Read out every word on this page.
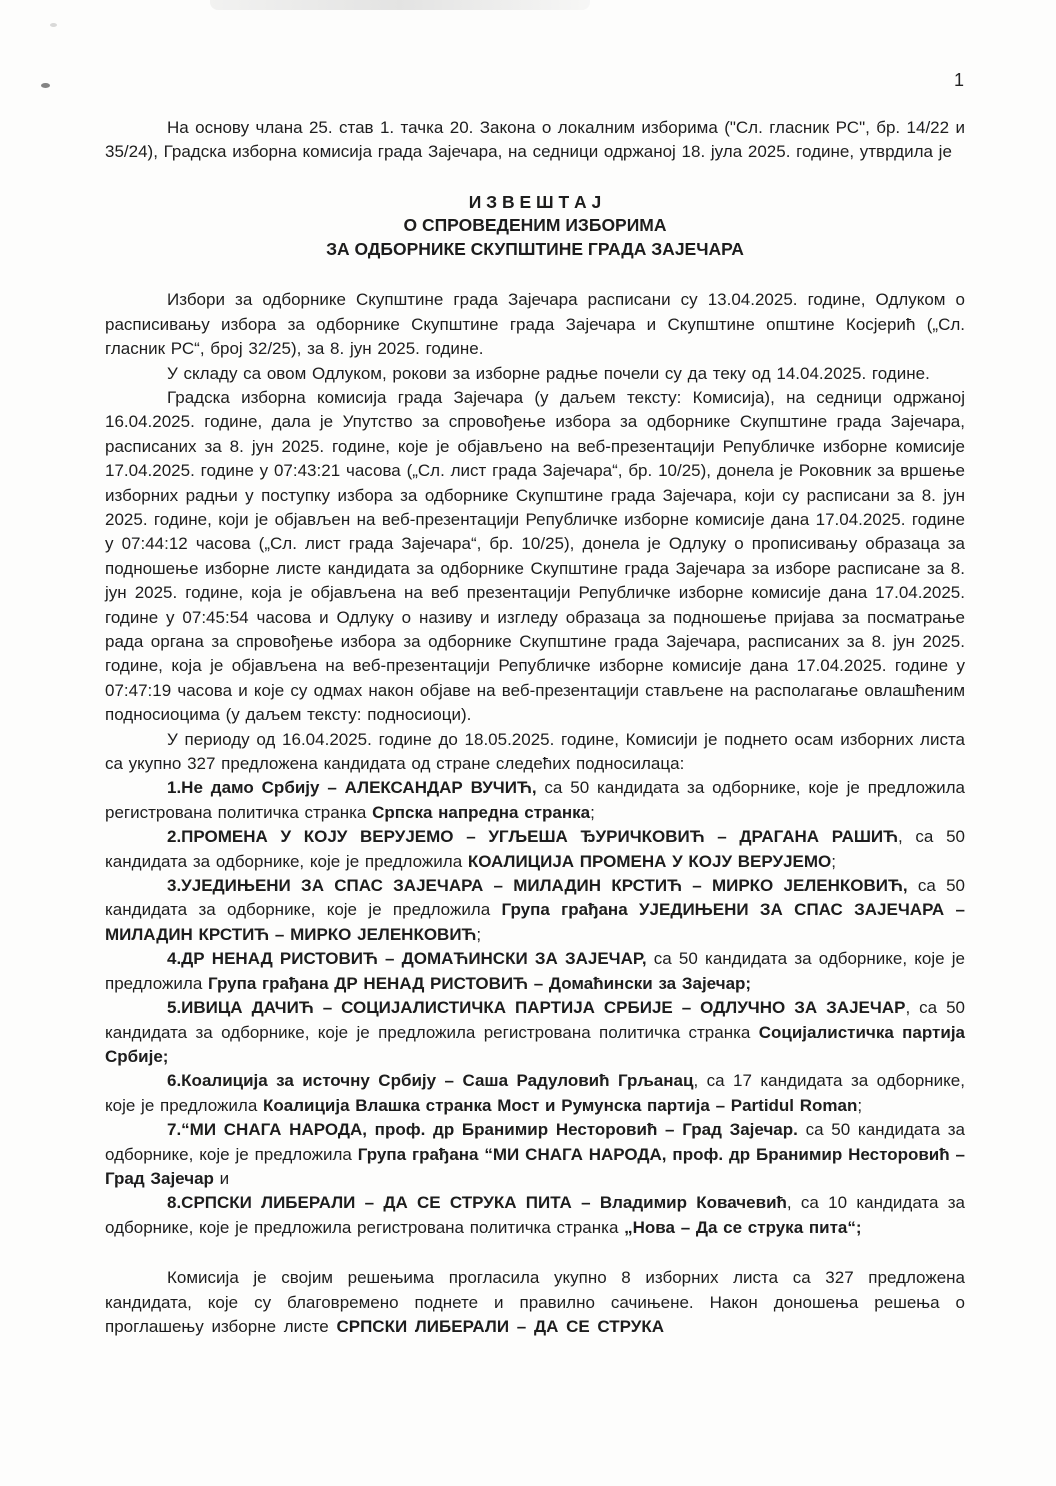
1

На основу члана 25. став 1. тачка 20. Закона о локалним изборима ("Сл. гласник РС", бр. 14/22 и 35/24), Градска изборна комисија града Зајечара, на седници одржаној 18. јула 2025. године, утврдила је

И З В Е Ш Т А Ј
О СПРОВЕДЕНИМ ИЗБОРИМА
ЗА ОДБОРНИКЕ СКУПШТИНЕ ГРАДА ЗАЈЕЧАРА

Избори за одборнике Скупштине града Зајечара расписани су 13.04.2025. године, Одлуком о расписивању избора за одборнике Скупштине града Зајечара и Скупштине општине Косјерић („Сл. гласник РС“, број 32/25), за 8. јун 2025. године.

У складу са овом Одлуком, рокови за изборне радње почели су да теку од 14.04.2025. године.

Градска изборна комисија града Зајечара (у даљем тексту: Комисија), на седници одржаној 16.04.2025. године, дала је Упутство за спровођење избора за одборнике Скупштине града Зајечара, расписаних за 8. јун 2025. године, које је објављено на веб-презентацији Републичке изборне комисије 17.04.2025. године у 07:43:21 часова („Сл. лист града Зајечара“, бр. 10/25), донела је Роковник за вршење изборних радњи у поступку избора за одборнике Скупштине града Зајечара, који су расписани за 8. јун 2025. године, који је објављен на веб-презентацији Републичке изборне комисије дана 17.04.2025. године у 07:44:12 часова („Сл. лист града Зајечара“, бр. 10/25), донела је Одлуку о прописивању образаца за подношење изборне листе кандидата за одборнике Скупштине града Зајечара за изборе расписане за 8. јун 2025. године, која је објављена на веб презентацији Републичке изборне комисије дана 17.04.2025. године у 07:45:54 часова и Одлуку о називу и изгледу образаца за подношење пријава за посматрање рада органа за спровођење избора за одборнике Скупштине града Зајечара, расписаних за 8. јун 2025. године, која је објављена на веб-презентацији Републичке изборне комисије дана 17.04.2025. године у 07:47:19 часова и које су одмах након објаве на веб-презентацији стављене на располагање овлашћеним подносиоцима (у даљем тексту: подносиоци).

У периоду од 16.04.2025. године до 18.05.2025. године, Комисији је поднето осам изборних листа са укупно 327 предложена кандидата од стране следећих подносилаца:

1.Не дамо Србију – АЛЕКСАНДАР ВУЧИЋ, са 50 кандидата за одборнике, које је предложила регистрована политичка странка Српска напредна странка;

2.ПРОМЕНА У КОЈУ ВЕРУЈЕМО – УГЉЕША ЂУРИЧКОВИЋ – ДРАГАНА РАШИЋ, са 50 кандидата за одборнике, које је предложила КОАЛИЦИЈА ПРОМЕНА У КОЈУ ВЕРУЈЕМО;

3.УЈЕДИЊЕНИ ЗА СПАС ЗАЈЕЧАРА – МИЛАДИН КРСТИЋ – МИРКО ЈЕЛЕНКОВИЋ, са 50 кандидата за одборнике, које је предложила Група грађана УЈЕДИЊЕНИ ЗА СПАС ЗАЈЕЧАРА – МИЛАДИН КРСТИЋ – МИРКО ЈЕЛЕНКОВИЋ;

4.ДР НЕНАД РИСТОВИЋ – ДОМАЋИНСКИ ЗА ЗАЈЕЧАР, са 50 кандидата за одборнике, које је предложила Група грађана ДР НЕНАД РИСТОВИЋ – Домаћински за Зајечар;

5.ИВИЦА ДАЧИЋ – СОЦИЈАЛИСТИЧКА ПАРТИЈА СРБИЈЕ – ОДЛУЧНО ЗА ЗАЈЕЧАР, са 50 кандидата за одборнике, које је предложила регистрована политичка странка Социјалистичка партија Србије;

6.Коалиција за источну Србију – Саша Радуловић Грљанац, са 17 кандидата за одборнике, које је предложила Коалиција Влашка странка Мост и Румунска партија – Partidul Roman;

7.“МИ СНАГА НАРОДА, проф. др Бранимир Несторовић – Град Зајечар. са 50 кандидата за одборнике, које је предложила Група грађана “МИ СНАГА НАРОДА, проф. др Бранимир Несторовић – Град Зајечар и

8.СРПСКИ ЛИБЕРАЛИ – ДА СЕ СТРУКА ПИТА – Владимир Ковачевић, са 10 кандидата за одборнике, које је предложила регистрована политичка странка „Нова – Да се струка пита“;

Комисија је својим решењима прогласила укупно 8 изборних листа са 327 предложена кандидата, које су благовремено поднете и правилно сачињене. Након доношења решења о проглашењу изборне листе СРПСКИ ЛИБЕРАЛИ – ДА СЕ СТРУКА
